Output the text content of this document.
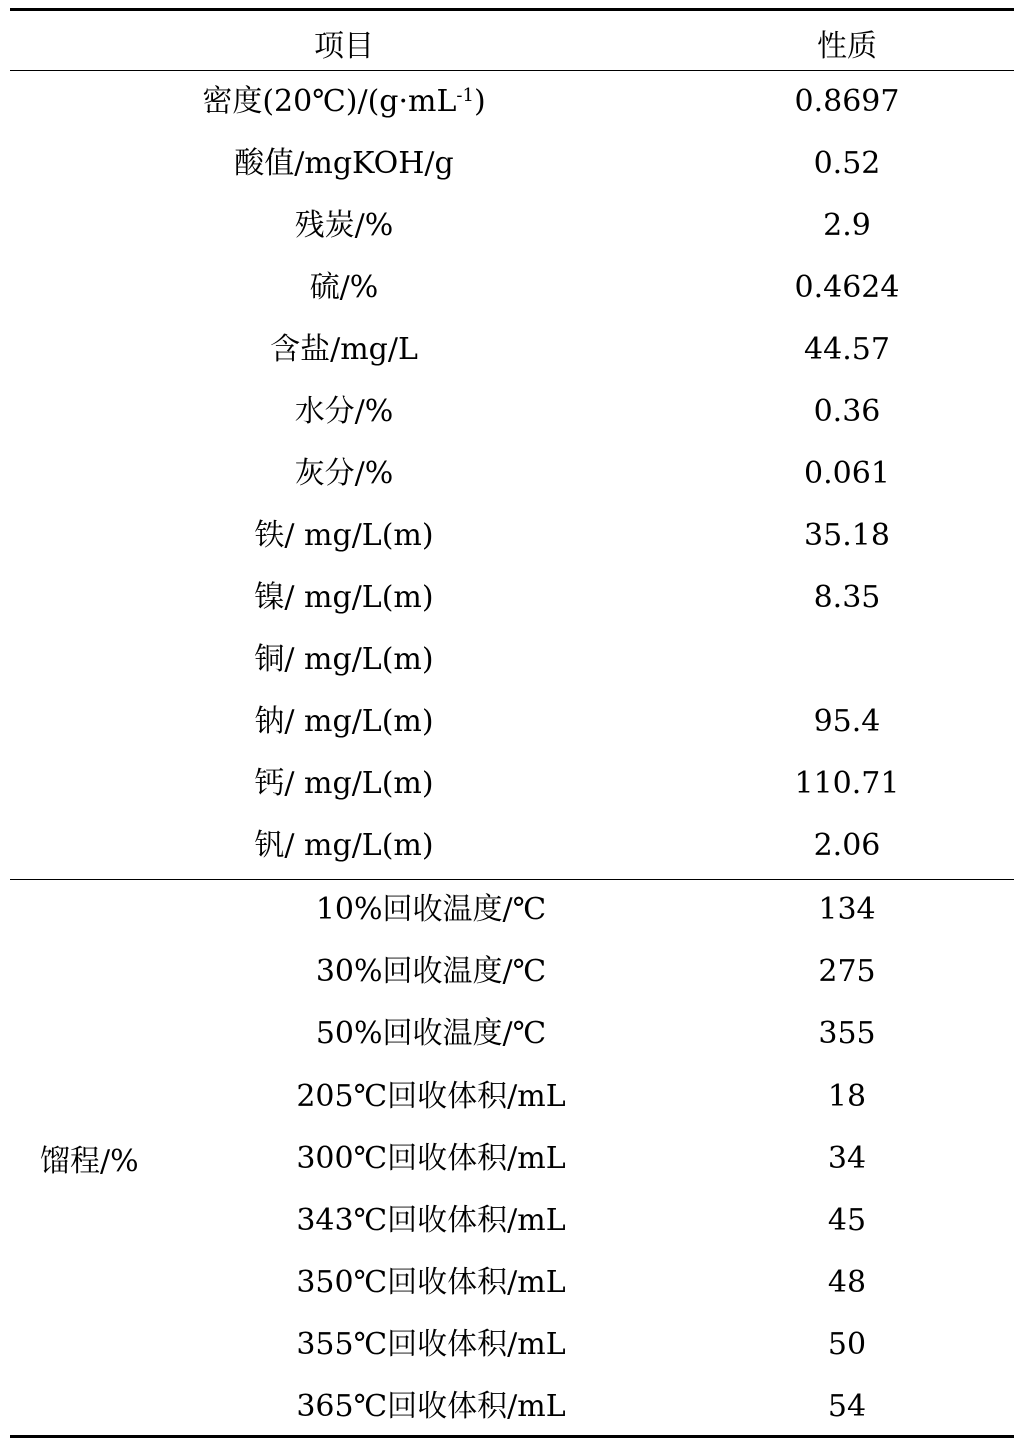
项目	性质
密度$(20℃)/(g\cdot mL^{-1})$	0.8697
酸值/mgKOH/g	0.52
残炭/%	2.9
硫/%	0.4624
含盐/mg/L	44.57
水分/%	0.36
灰分/%	0.061
铁/ mg/L(m)	35.18
镍/ mg/L(m)	8.35
铜/ mg/L(m)
钠/ mg/L(m)	95.4
钙/ mg/L(m)	110.71
钒/ mg/L(m)	2.06
馏程/%
10%回收温度/℃	134
30%回收温度/℃	275
50%回收温度/℃	355
205℃回收体积/mL	18
300℃回收体积/mL	34
343℃回收体积/mL	45
350℃回收体积/mL	48
355℃回收体积/mL	50
365℃回收体积/mL	54
